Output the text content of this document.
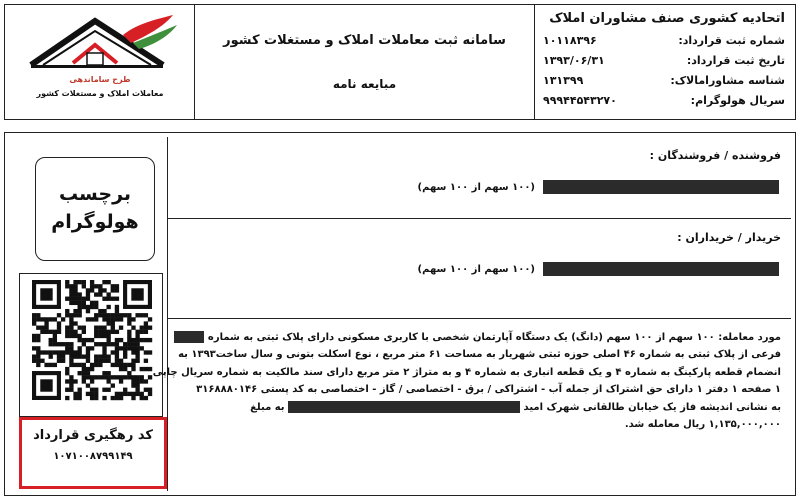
طرح ساماندهی
معاملات املاک و مستغلات کشور
سامانه ثبت معاملات املاک و مستغلات کشور
مبایعه نامه
اتحادیه کشوری صنف مشاوران املاک
شماره ثبت قرارداد:
۱۰۱۱۸۳۹۶
تاریخ ثبت قرارداد:
۱۳۹۳/۰۶/۳۱
شناسه مشاورامالاک:
۱۳۱۳۹۹
سریال هولوگرام:
۹۹۹۴۴۵۴۳۲۷۰
برچسب
هولوگرام
کد رهگیری قرارداد
۱۰۷۱۰۰۸۷۹۹۱۴۹
فروشنده / فروشندگان :
(۱۰۰ سهم از ۱۰۰ سهم)
خریدار / خریداران :
(۱۰۰ سهم از ۱۰۰ سهم)
مورد معامله: ۱۰۰ سهم از ۱۰۰ سهم (دانگ) یک دستگاه آپارتمان شخصی با کاربری مسکونی دارای پلاک ثبتی به شماره
فرعی از پلاک ثبتی به شماره ۴۶ اصلی حوزه ثبتی شهریار به مساحت ۶۱ متر مربع ، نوع اسکلت بتونی و سال ساخت۱۳۹۳ به
انضمام قطعه پارکینگ به شماره ۴ و یک قطعه انباری به شماره ۴ و به متراژ ۲ متر مربع دارای سند مالکیت به شماره سریال چاپی
۱ صفحه ۱ دفتر ۱ دارای حق اشتراک از جمله آب - اشتراکی / برق - اختصاصی / گاز - اختصاصی به کد پستی ۳۱۶۸۸۸۰۱۴۶
به نشانی اندیشه فاز یک خیابان طالقانی شهرک امید  به مبلغ
۱,۱۳۵,۰۰۰,۰۰۰ ریال معامله شد.
